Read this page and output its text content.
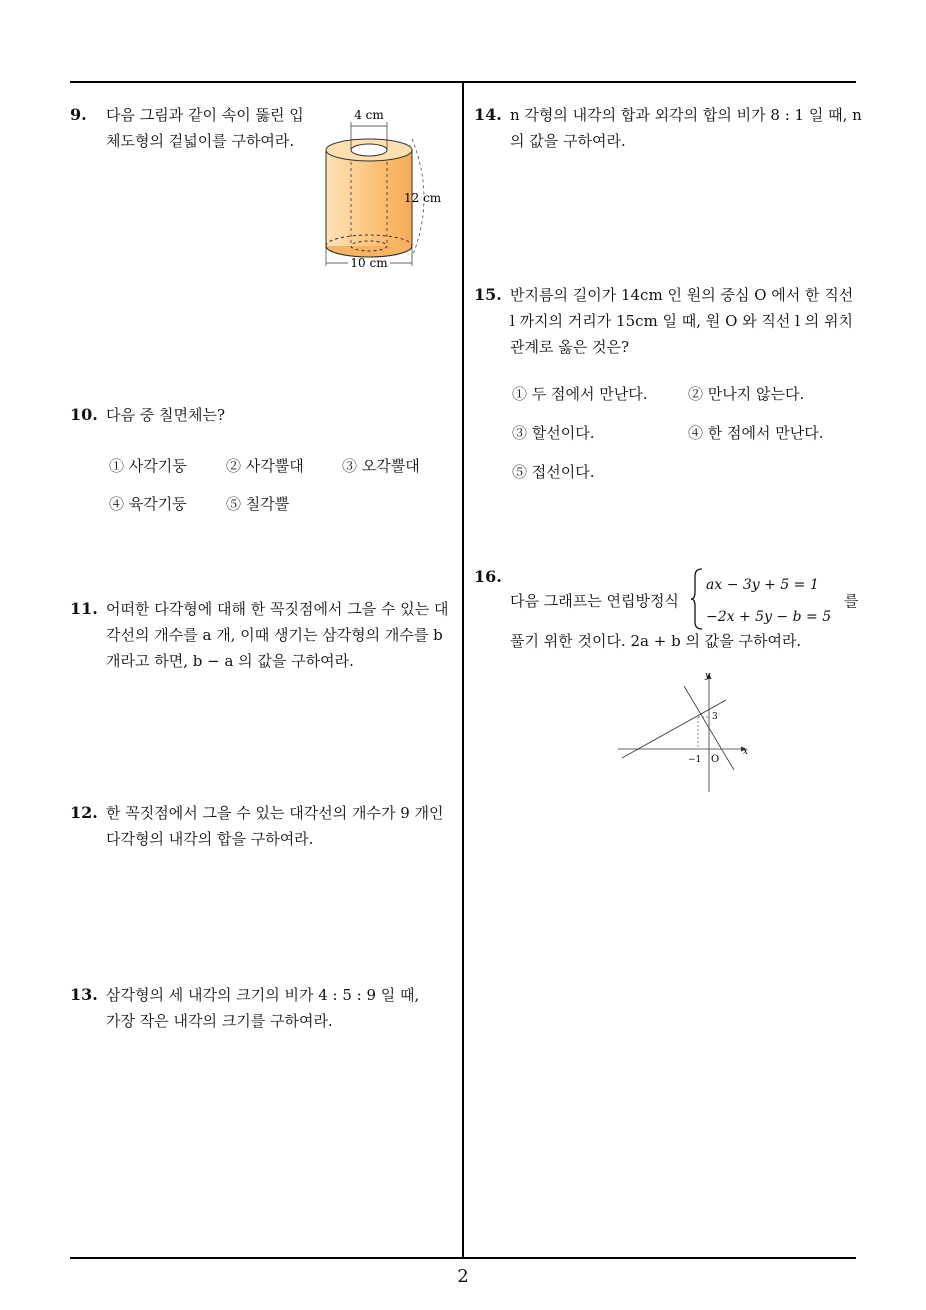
9. 다음 그림과 같이 속이 뚫린 입
체도형의 겉넓이를 구하여라.
4 cm
12 cm
10 cm
10. 다음 중 칠면체는?
① 사각기둥	② 사각뿔대	③ 오각뿔대
④ 육각기둥	⑤ 칠각뿔
11. 어떠한 다각형에 대해 한 꼭짓점에서 그을 수 있는 대
각선의 개수를 a 개, 이때 생기는 삼각형의 개수를 b
개라고 하면, b − a 의 값을 구하여라.
12. 한 꼭짓점에서 그을 수 있는 대각선의 개수가 9 개인
다각형의 내각의 합을 구하여라.
13. 삼각형의 세 내각의 크기의 비가 4 : 5 : 9 일 때,
가장 작은 내각의 크기를 구하여라.
14. n 각형의 내각의 합과 외각의 합의 비가 8 : 1 일 때, n
의 값을 구하여라.
15. 반지름의 길이가 14cm 인 원의 중심 O 에서 한 직선
l 까지의 거리가 15cm 일 때, 원 O 와 직선 l 의 위치
관계로 옳은 것은?
① 두 점에서 만난다.	② 만나지 않는다.
③ 할선이다.	④ 한 점에서 만난다.
⑤ 접선이다.
16.
다음 그래프는 연립방정식
ax − 3y + 5 = 1
−2x + 5y − b = 5
를
풀기 위한 것이다. 2a + b 의 값을 구하여라.
x
y
3
−1 O
2
